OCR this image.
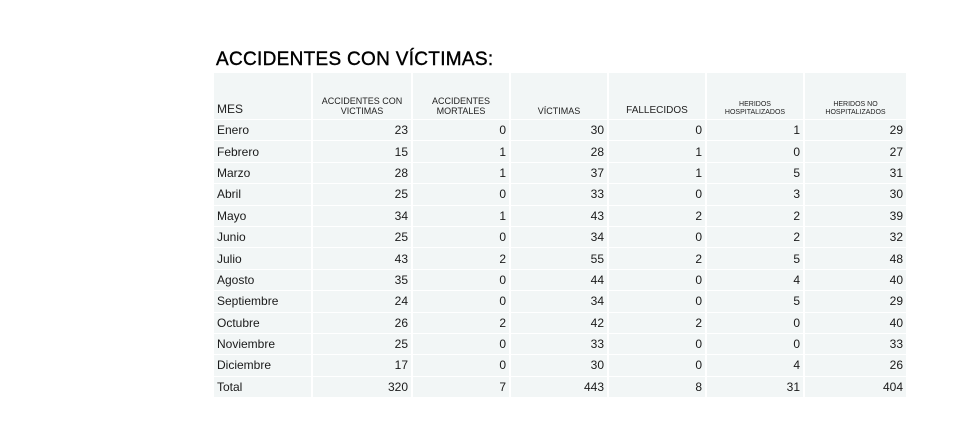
ACCIDENTES CON VÍCTIMAS:
MES	ACCIDENTES CON VICTIMAS	ACCIDENTES MORTALES	VÍCTIMAS	FALLECIDOS	HERIDOS HOSPITALIZADOS	HERIDOS NO HOSPITALIZADOS
Enero	23	0	30	0	1	29
Febrero	15	1	28	1	0	27
Marzo	28	1	37	1	5	31
Abril	25	0	33	0	3	30
Mayo	34	1	43	2	2	39
Junio	25	0	34	0	2	32
Julio	43	2	55	2	5	48
Agosto	35	0	44	0	4	40
Septiembre	24	0	34	0	5	29
Octubre	26	2	42	2	0	40
Noviembre	25	0	33	0	0	33
Diciembre	17	0	30	0	4	26
Total	320	7	443	8	31	404
